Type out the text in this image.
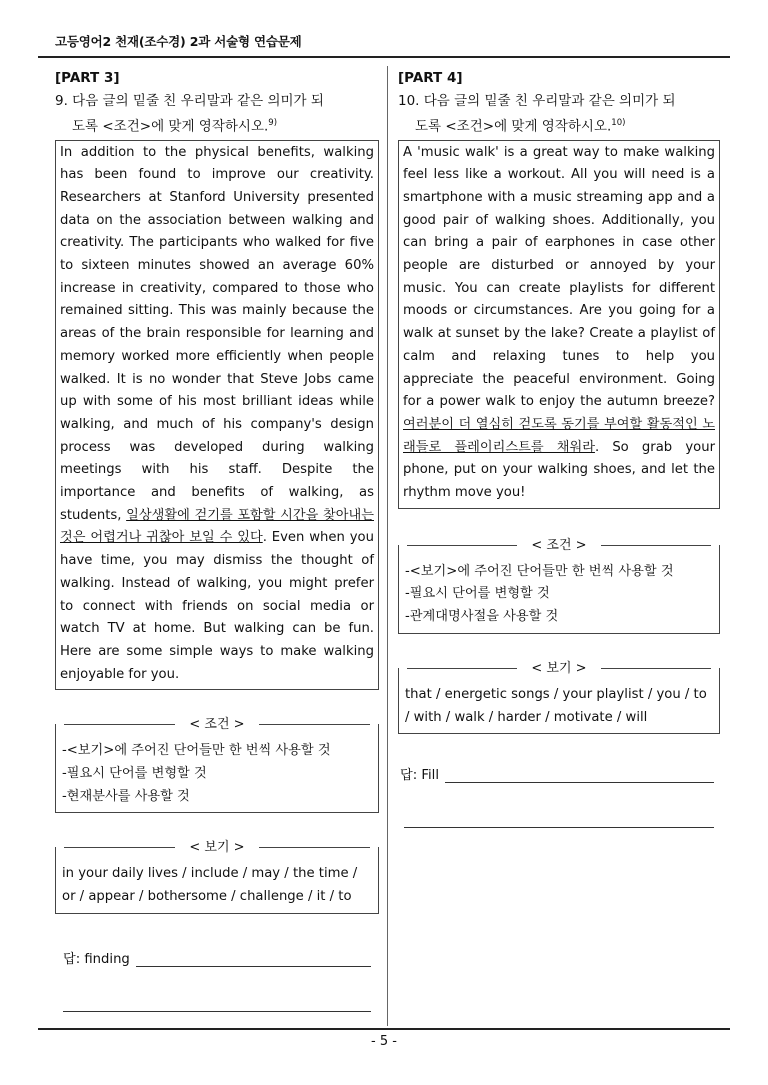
고등영어2 천재(조수경) 2과 서술형 연습문제
[PART 3]
9. 다음 글의 밑줄 친 우리말과 같은 의미가 되
도록 <조건>에 맞게 영작하시오.$^{9)}$
In addition to the physical benefits, walking has been found to improve our creativity. Researchers at Stanford University presented data on the association between walking and creativity. The participants who walked for five to sixteen minutes showed an average 60% increase in creativity, compared to those who remained sitting. This was mainly because the areas of the brain responsible for learning and memory worked more efficiently when people walked. It is no wonder that Steve Jobs came up with some of his most brilliant ideas while walking, and much of his company's design process was developed during walking meetings with his staff. Despite the importance and benefits of walking, as students, 일상생활에 걷기를 포함할 시간을 찾아내는 것은 어렵거나 귀찮아 보일 수 있다. Even when you have time, you may dismiss the thought of walking. Instead of walking, you might prefer to connect with friends on social media or watch TV at home. But walking can be fun. Here are some simple ways to make walking enjoyable for you.
< 조건 >
-<보기>에 주어진 단어들만 한 번씩 사용할 것
-필요시 단어를 변형할 것
-현재분사를 사용할 것
< 보기 >
in your daily lives / include / may / the time / or / appear / bothersome / challenge / it / to
답: finding
[PART 4]
10. 다음 글의 밑줄 친 우리말과 같은 의미가 되
도록 <조건>에 맞게 영작하시오.$^{10)}$
A 'music walk' is a great way to make walking feel less like a workout. All you will need is a smartphone with a music streaming app and a good pair of walking shoes. Additionally, you can bring a pair of earphones in case other people are disturbed or annoyed by your music. You can create playlists for different moods or circumstances. Are you going for a walk at sunset by the lake? Create a playlist of calm and relaxing tunes to help you appreciate the peaceful environment. Going for a power walk to enjoy the autumn breeze? 여러분이 더 열심히 걷도록 동기를 부여할 활동적인 노래들로 플레이리스트를 채워라. So grab your phone, put on your walking shoes, and let the rhythm move you!
< 조건 >
-<보기>에 주어진 단어들만 한 번씩 사용할 것
-필요시 단어를 변형할 것
-관계대명사절을 사용할 것
< 보기 >
that / energetic songs / your playlist / you / to / with / walk / harder / motivate / will
답: Fill
- 5 -
